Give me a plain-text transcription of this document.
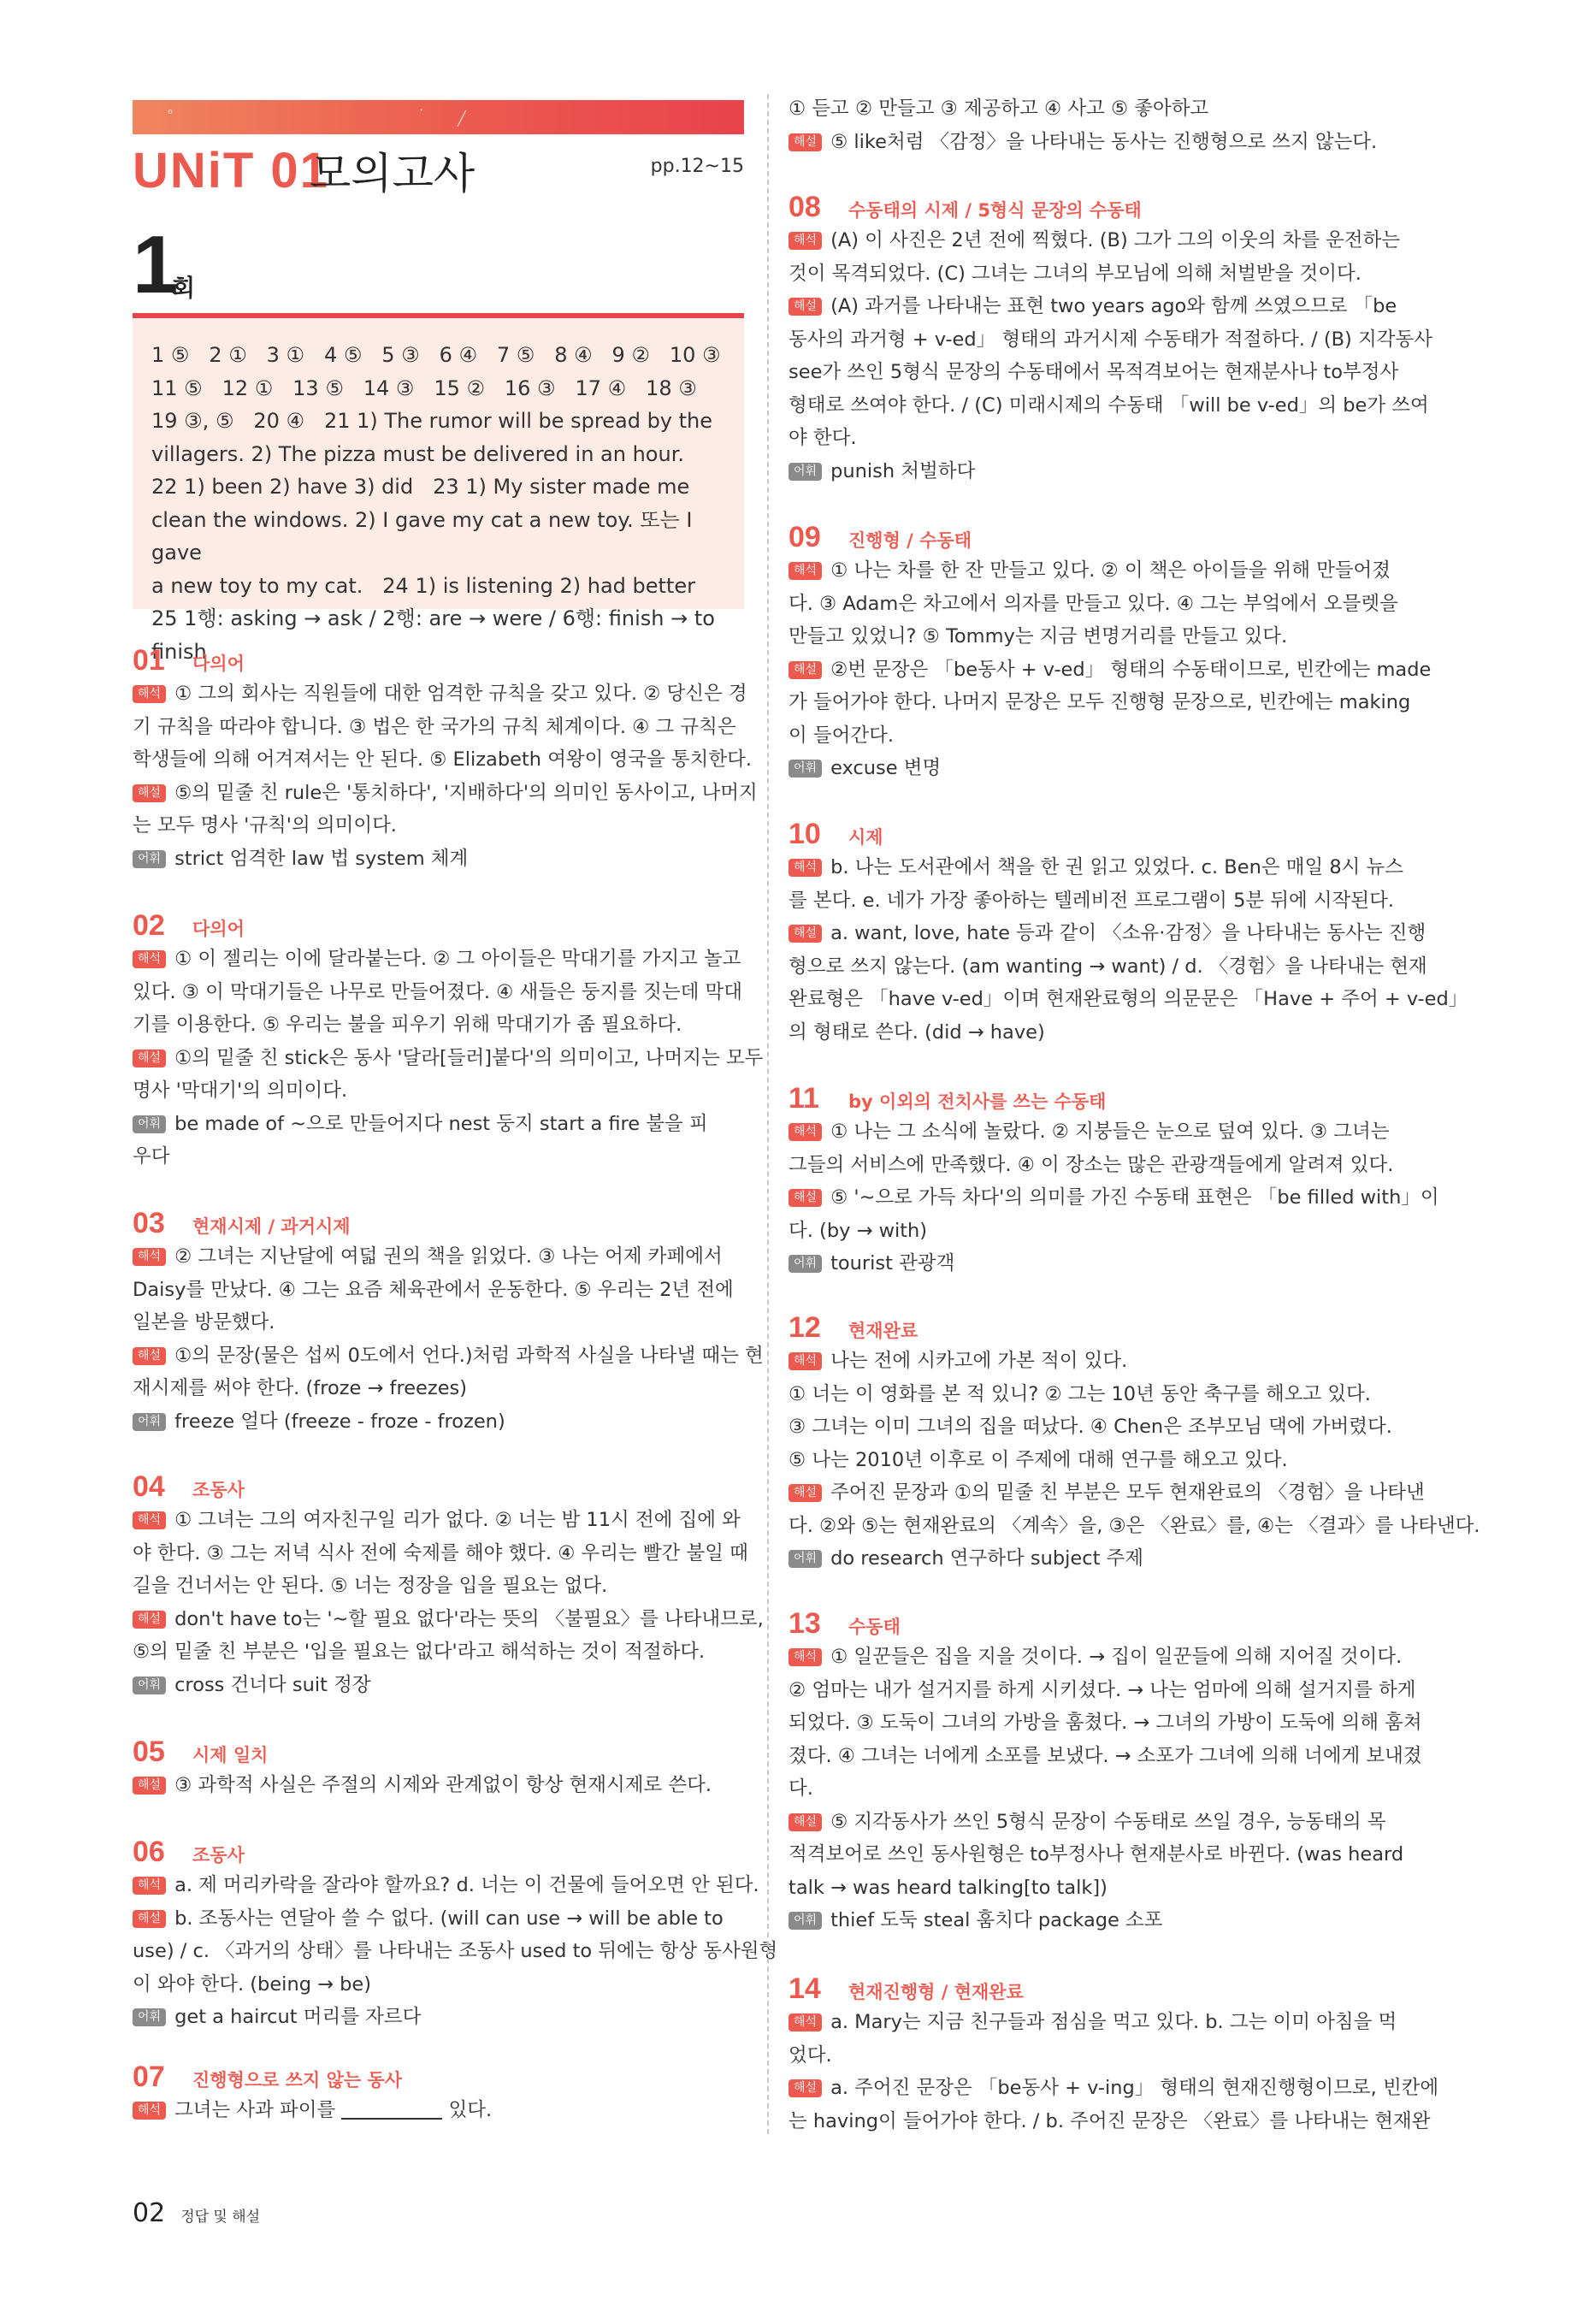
°	·
╱
UNiT 01
모의고사	pp.12~15
1
회
1 ⑤ 2 ① 3 ① 4 ⑤ 5 ③ 6 ④ 7 ⑤ 8 ④ 9 ② 10 ③
11 ⑤ 12 ① 13 ⑤ 14 ③ 15 ② 16 ③ 17 ④ 18 ③
19 ③, ⑤ 20 ④ 21 1) The rumor will be spread by the
villagers. 2) The pizza must be delivered in an hour.
22 1) been 2) have 3) did 23 1) My sister made me
clean the windows. 2) I gave my cat a new toy. 또는 I gave
a new toy to my cat. 24 1) is listening 2) had better
25 1행: asking → ask / 2행: are → were / 6행: finish → to finish
01 다의어
해석 ① 그의 회사는 직원들에 대한 엄격한 규칙을 갖고 있다. ② 당신은 경
기 규칙을 따라야 합니다. ③ 법은 한 국가의 규칙 체계이다. ④ 그 규칙은
학생들에 의해 어겨져서는 안 된다. ⑤ Elizabeth 여왕이 영국을 통치한다.
해설 ⑤의 밑줄 친 rule은 '통치하다', '지배하다'의 의미인 동사이고, 나머지
는 모두 명사 '규칙'의 의미이다.
어휘 strict 엄격한 law 법 system 체계
02 다의어
해석 ① 이 젤리는 이에 달라붙는다. ② 그 아이들은 막대기를 가지고 놀고
있다. ③ 이 막대기들은 나무로 만들어졌다. ④ 새들은 둥지를 짓는데 막대
기를 이용한다. ⑤ 우리는 불을 피우기 위해 막대기가 좀 필요하다.
해설 ①의 밑줄 친 stick은 동사 '달라[들러]붙다'의 의미이고, 나머지는 모두
명사 '막대기'의 의미이다.
어휘 be made of ~으로 만들어지다 nest 둥지 start a fire 불을 피
우다
03 현재시제 / 과거시제
해석 ② 그녀는 지난달에 여덟 권의 책을 읽었다. ③ 나는 어제 카페에서
Daisy를 만났다. ④ 그는 요즘 체육관에서 운동한다. ⑤ 우리는 2년 전에
일본을 방문했다.
해설 ①의 문장(물은 섭씨 0도에서 언다.)처럼 과학적 사실을 나타낼 때는 현
재시제를 써야 한다. (froze → freezes)
어휘 freeze 얼다 (freeze - froze - frozen)
04 조동사
해석 ① 그녀는 그의 여자친구일 리가 없다. ② 너는 밤 11시 전에 집에 와
야 한다. ③ 그는 저녁 식사 전에 숙제를 해야 했다. ④ 우리는 빨간 불일 때
길을 건너서는 안 된다. ⑤ 너는 정장을 입을 필요는 없다.
해설 don't have to는 '~할 필요 없다'라는 뜻의 〈불필요〉를 나타내므로,
⑤의 밑줄 친 부분은 '입을 필요는 없다'라고 해석하는 것이 적절하다.
어휘 cross 건너다 suit 정장
05 시제 일치
해설 ③ 과학적 사실은 주절의 시제와 관계없이 항상 현재시제로 쓴다.
06 조동사
해석 a. 제 머리카락을 잘라야 할까요? d. 너는 이 건물에 들어오면 안 된다.
해설 b. 조동사는 연달아 쓸 수 없다. (will can use → will be able to
use) / c. 〈과거의 상태〉를 나타내는 조동사 used to 뒤에는 항상 동사원형
이 와야 한다. (being → be)
어휘 get a haircut 머리를 자르다
07 진행형으로 쓰지 않는 동사
해석 그녀는 사과 파이를	있다.
① 듣고 ② 만들고 ③ 제공하고 ④ 사고 ⑤ 좋아하고
해설 ⑤ like처럼 〈감정〉을 나타내는 동사는 진행형으로 쓰지 않는다.
08 수동태의 시제 / 5형식 문장의 수동태
해석 (A) 이 사진은 2년 전에 찍혔다. (B) 그가 그의 이웃의 차를 운전하는
것이 목격되었다. (C) 그녀는 그녀의 부모님에 의해 처벌받을 것이다.
해설 (A) 과거를 나타내는 표현 two years ago와 함께 쓰였으므로 「be
동사의 과거형 + v-ed」 형태의 과거시제 수동태가 적절하다. / (B) 지각동사
see가 쓰인 5형식 문장의 수동태에서 목적격보어는 현재분사나 to부정사
형태로 쓰여야 한다. / (C) 미래시제의 수동태 「will be v-ed」의 be가 쓰여
야 한다.
어휘 punish 처벌하다
09 진행형 / 수동태
해석 ① 나는 차를 한 잔 만들고 있다. ② 이 책은 아이들을 위해 만들어졌
다. ③ Adam은 차고에서 의자를 만들고 있다. ④ 그는 부엌에서 오믈렛을
만들고 있었니? ⑤ Tommy는 지금 변명거리를 만들고 있다.
해설 ②번 문장은 「be동사 + v-ed」 형태의 수동태이므로, 빈칸에는 made
가 들어가야 한다. 나머지 문장은 모두 진행형 문장으로, 빈칸에는 making
이 들어간다.
어휘 excuse 변명
10 시제
해석 b. 나는 도서관에서 책을 한 권 읽고 있었다. c. Ben은 매일 8시 뉴스
를 본다. e. 네가 가장 좋아하는 텔레비전 프로그램이 5분 뒤에 시작된다.
해설 a. want, love, hate 등과 같이 〈소유·감정〉을 나타내는 동사는 진행
형으로 쓰지 않는다. (am wanting → want) / d. 〈경험〉을 나타내는 현재
완료형은 「have v-ed」이며 현재완료형의 의문문은 「Have + 주어 + v-ed」
의 형태로 쓴다. (did → have)
11 by 이외의 전치사를 쓰는 수동태
해석 ① 나는 그 소식에 놀랐다. ② 지붕들은 눈으로 덮여 있다. ③ 그녀는
그들의 서비스에 만족했다. ④ 이 장소는 많은 관광객들에게 알려져 있다.
해설 ⑤ '~으로 가득 차다'의 의미를 가진 수동태 표현은 「be filled with」이
다. (by → with)
어휘 tourist 관광객
12 현재완료
해석 나는 전에 시카고에 가본 적이 있다.
① 너는 이 영화를 본 적 있니? ② 그는 10년 동안 축구를 해오고 있다.
③ 그녀는 이미 그녀의 집을 떠났다. ④ Chen은 조부모님 댁에 가버렸다.
⑤ 나는 2010년 이후로 이 주제에 대해 연구를 해오고 있다.
해설 주어진 문장과 ①의 밑줄 친 부분은 모두 현재완료의 〈경험〉을 나타낸
다. ②와 ⑤는 현재완료의 〈계속〉을, ③은 〈완료〉를, ④는 〈결과〉를 나타낸다.
어휘 do research 연구하다 subject 주제
13 수동태
해석 ① 일꾼들은 집을 지을 것이다. → 집이 일꾼들에 의해 지어질 것이다.
② 엄마는 내가 설거지를 하게 시키셨다. → 나는 엄마에 의해 설거지를 하게
되었다. ③ 도둑이 그녀의 가방을 훔쳤다. → 그녀의 가방이 도둑에 의해 훔쳐
졌다. ④ 그녀는 너에게 소포를 보냈다. → 소포가 그녀에 의해 너에게 보내졌
다.
해설 ⑤ 지각동사가 쓰인 5형식 문장이 수동태로 쓰일 경우, 능동태의 목
적격보어로 쓰인 동사원형은 to부정사나 현재분사로 바뀐다. (was heard
talk → was heard talking[to talk])
어휘 thief 도둑 steal 훔치다 package 소포
14 현재진행형 / 현재완료
해석 a. Mary는 지금 친구들과 점심을 먹고 있다. b. 그는 이미 아침을 먹
었다.
해설 a. 주어진 문장은 「be동사 + v-ing」 형태의 현재진행형이므로, 빈칸에
는 having이 들어가야 한다. / b. 주어진 문장은 〈완료〉를 나타내는 현재완
02 정답 및 해설
